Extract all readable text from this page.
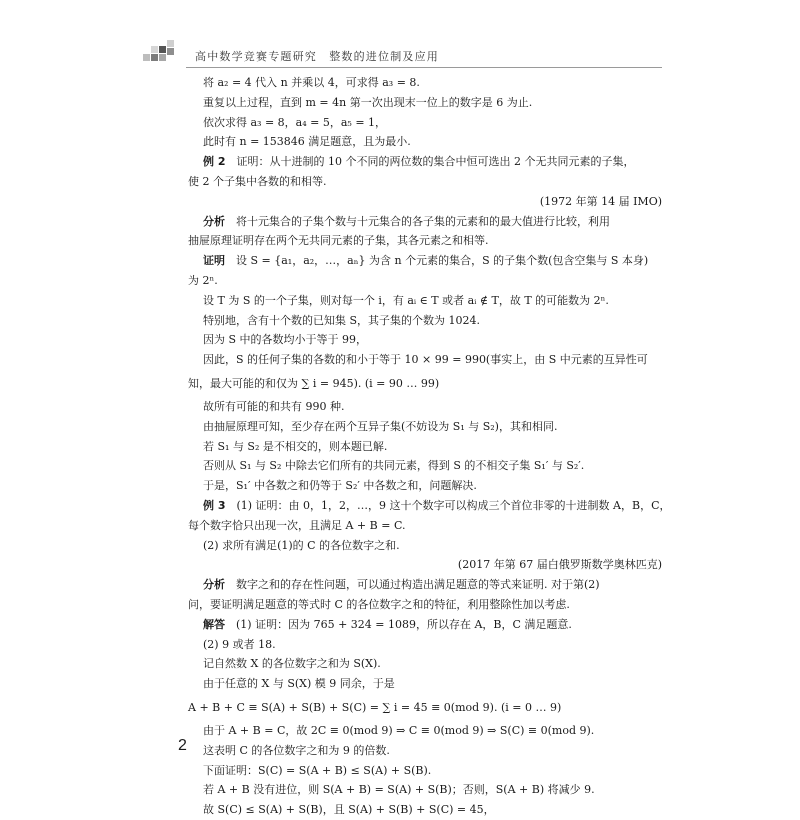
高中数学竞赛专题研究　整数的进位制及应用
将 a₂ = 4 代入 n 并乘以 4，可求得 a₃ = 8.
重复以上过程，直到 m = 4n 第一次出现末一位上的数字是 6 为止.
依次求得 a₃ = 8，a₄ = 5，a₅ = 1，
此时有 n = 153846 满足题意，且为最小.
例 2　证明：从十进制的 10 个不同的两位数的集合中恒可选出 2 个无共同元素的子集，
使 2 个子集中各数的和相等.
(1972 年第 14 届 IMO)
分析　将十元集合的子集个数与十元集合的各子集的元素和的最大值进行比较，利用
抽屉原理证明存在两个无共同元素的子集，其各元素之和相等.
证明　设 S = {a₁，a₂，…，aₙ} 为含 n 个元素的集合，S 的子集个数(包含空集与 S 本身)
为 2ⁿ.
设 T 为 S 的一个子集，则对每一个 i，有 aᵢ ∈ T 或者 aᵢ ∉ T，故 T 的可能数为 2ⁿ.
特别地，含有十个数的已知集 S，其子集的个数为 1024.
因为 S 中的各数均小于等于 99，
因此，S 的任何子集的各数的和小于等于 10 × 99 = 990(事实上，由 S 中元素的互异性可
知，最大可能的和仅为 ∑ i = 945). (i = 90 … 99)
故所有可能的和共有 990 种.
由抽屉原理可知，至少存在两个互异子集(不妨设为 S₁ 与 S₂)，其和相同.
若 S₁ 与 S₂ 是不相交的，则本题已解.
否则从 S₁ 与 S₂ 中除去它们所有的共同元素，得到 S 的不相交子集 S₁′ 与 S₂′.
于是，S₁′ 中各数之和仍等于 S₂′ 中各数之和，问题解决.
例 3　(1) 证明：由 0，1，2，…，9 这十个数字可以构成三个首位非零的十进制数 A，B，C，
每个数字恰只出现一次，且满足 A + B = C.
(2) 求所有满足(1)的 C 的各位数字之和.
(2017 年第 67 届白俄罗斯数学奥林匹克)
分析　数字之和的存在性问题，可以通过构造出满足题意的等式来证明. 对于第(2)
问，要证明满足题意的等式时 C 的各位数字之和的特征，利用整除性加以考虑.
解答　(1) 证明：因为 765 + 324 = 1089，所以存在 A，B，C 满足题意.
(2) 9 或者 18.
记自然数 X 的各位数字之和为 S(X).
由于任意的 X 与 S(X) 模 9 同余，于是
A + B + C ≡ S(A) + S(B) + S(C) = ∑ i = 45 ≡ 0(mod 9). (i = 0 … 9)
由于 A + B = C，故 2C ≡ 0(mod 9) ⇒ C ≡ 0(mod 9) ⇒ S(C) ≡ 0(mod 9).
这表明 C 的各位数字之和为 9 的倍数.
下面证明：S(C) = S(A + B) ≤ S(A) + S(B).
若 A + B 没有进位，则 S(A + B) = S(A) + S(B)；否则，S(A + B) 将减少 9.
故 S(C) ≤ S(A) + S(B)，且 S(A) + S(B) + S(C) = 45，
2
